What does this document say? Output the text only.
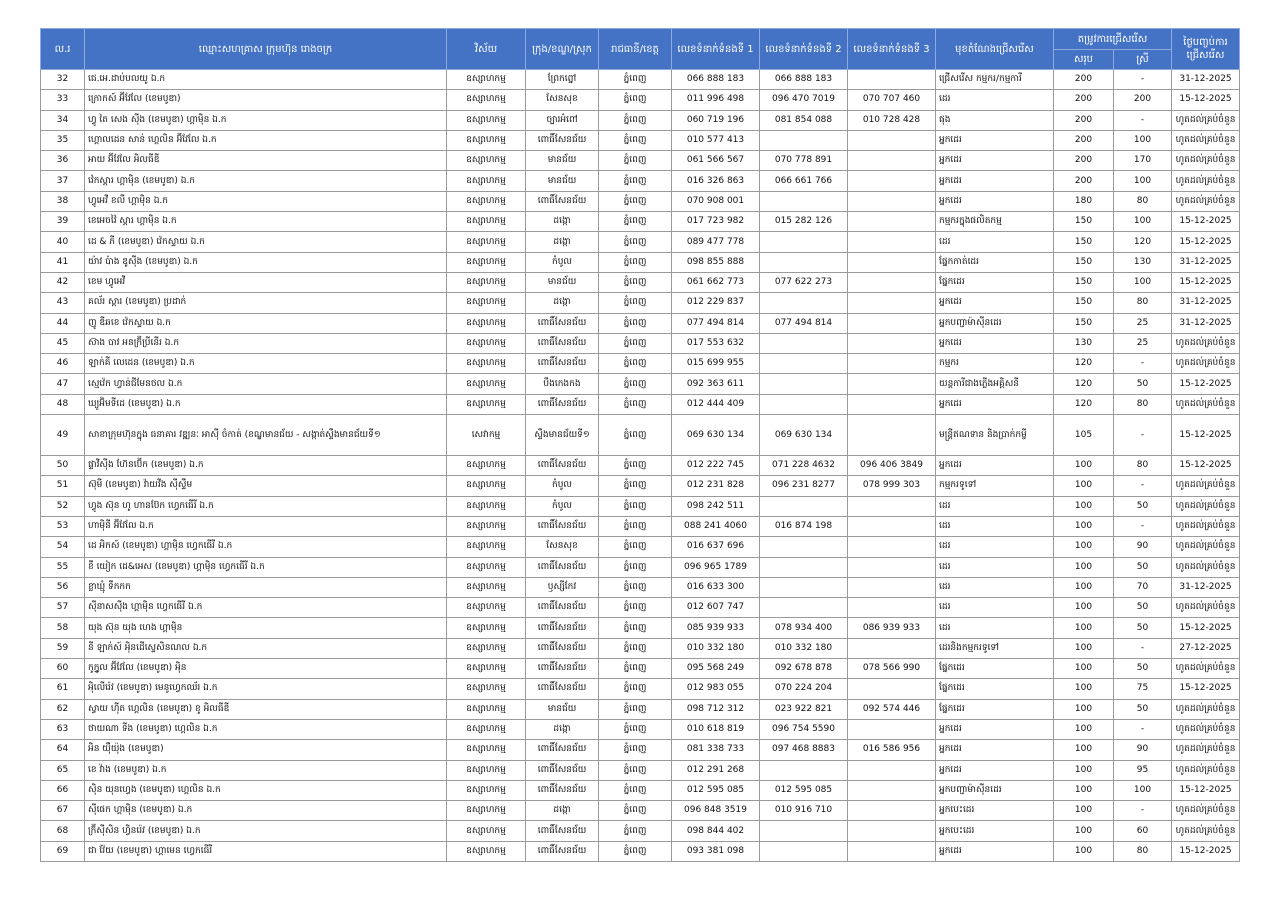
ល.រ	ឈ្មោះសហគ្រាស ក្រុមហ៊ុន រោងចក្រ	វិស័យ	ក្រុង/ខណ្ឌ/ស្រុក	រាជធានី/ខេត្ត	លេខទំនាក់ទំនងទី 1	លេខទំនាក់ទំនងទី 2	លេខទំនាក់ទំនងទី 3	មុខតំណែងជ្រើសរើស	តម្រូវការជ្រើសរើស		ថ្ងៃបញ្ចប់ការជ្រើសរើស
									សរុប	ស្រី	
32	ជេ.អេ.ដាប់បលយូ ឯ.ក	ឧស្សាហកម្ម	ព្រែកព្នៅ	ភ្នំពេញ	066 888 183	066 888 183		ជ្រើសរើស កម្មករ/កម្មការី	200	-	31-12-2025
33	ក្រោកស៍ អ៊ីវែលែ (ខេមបូឌា)	ឧស្សាហកម្ម	សែនសុខ	ភ្នំពេញ	011 996 498	096 470 7019	070 707 460	ដេរ	200	200	15-12-2025
34	ហ្វូ តៃ សេង ស៊ីង (ខេមបូឌា) ហ្គាម៉ិន ឯ.ក	ឧស្សាហកម្ម	ច្បារអំពៅ	ភ្នំពេញ	060 719 196	081 854 088	010 728 428	ផុង	200	-	ហូតដល់គ្រប់ចំនួន
35	ហ្គោលដេន សាន់ ហ្គេលិន អ៊ីវែលែ ឯ.ក	ឧស្សាហកម្ម	ពោធិ៍សែនជ័យ	ភ្នំពេញ	010 577 413			អ្នកដេរ	200	100	ហូតដល់គ្រប់ចំនួន
36	អាយ អ៊ីវែលែ អិលធីឌី	ឧស្សាហកម្ម	មានជ័យ	ភ្នំពេញ	061 566 567	070 778 891		អ្នកដេរ	200	170	ហូតដល់គ្រប់ចំនួន
37	វ៉េកស្តារ ហ្គាម៉ិន (ខេមបូឌា) ឯ.ក	ឧស្សាហកម្ម	មានជ័យ	ភ្នំពេញ	016 326 863	066 661 766		អ្នកដេរ	200	100	ហូតដល់គ្រប់ចំនួន
38	ហ្វូអេវី ខលី ហ្គាម៉ិន ឯ.ក	ឧស្សាហកម្ម	ពោធិ៍សែនជ័យ	ភ្នំពេញ	070 908 001			អ្នកដេរ	180	80	ហូតដល់គ្រប់ចំនួន
39	ខេអេចវ៉ៃ ស្តារ ហ្គាម៉ិន ឯ.ក	ឧស្សាហកម្ម	ដង្កោ	ភ្នំពេញ	017 723 982	015 282 126		កម្មករក្នុងផលិតកម្ម	150	100	15-12-2025
40	ដេ & ភី (ខេមបូឌា) វ៉េកស្ទាយ ឯ.ក	ឧស្សាហកម្ម	ដង្កោ	ភ្នំពេញ	089 477 778			ដេរ	150	120	15-12-2025
41	យ៉ាវ ប៉ាង ឌូស៊ីង (ខេមបូឌា) ឯ.ក	ឧស្សាហកម្ម	កំបូល	ភ្នំពេញ	098 855 888			ផ្នែកកាត់ដេរ	150	130	31-12-2025
42	ខេម ហ្វូអេវី	ឧស្សាហកម្ម	មានជ័យ	ភ្នំពេញ	061 662 773	077 622 273		ផ្នែកដេរ	150	100	15-12-2025
43	គល័រ ស្តារ (ខេមបូឌា) ប្រដាក់	ឧស្សាហកម្ម	ដង្កោ	ភ្នំពេញ	012 229 837			អ្នកដេរ	150	80	31-12-2025
44	ញូ ឌីឆខេ វ៉េកស្ទាយ ឯ.ក	ឧស្សាហកម្ម	ពោធិ៍សែនជ័យ	ភ្នំពេញ	077 494 814	077 494 814		អ្នកបញ្ជាម៉ាស៊ីនដេរ	150	25	31-12-2025
45	ស៊ាង បាវ អនក្រ៊ីប្រីនើរ ឯ.ក	ឧស្សាហកម្ម	ពោធិ៍សែនជ័យ	ភ្នំពេញ	017 553 632			អ្នកដេរ	130	25	ហូតដល់គ្រប់ចំនួន
46	ឡាក់គី លេដេន (ខេមបូឌា) ឯ.ក	ឧស្សាហកម្ម	ពោធិ៍សែនជ័យ	ភ្នំពេញ	015 699 955			កម្មករ	120	-	ហូតដល់គ្រប់ចំនួន
47	ស្មេវ៉េក ហ្វាន់ជីមែនថល ឯ.ក	ឧស្សាហកម្ម	បឹងកេងកង	ភ្នំពេញ	092 363 611			យន្តការីជាងភ្លើងអគ្គិសនី	120	50	15-12-2025
48	ឃ្យូអ៊ិមទីដេ (ខេមបូឌា) ឯ.ក	ឧស្សាហកម្ម	ពោធិ៍សែនជ័យ	ភ្នំពេញ	012 444 409			អ្នកដេរ	120	80	ហូតដល់គ្រប់ចំនួន
49	សាខាក្រុមហ៊ុនក្នុង ធនាគារ វឌ្ឍនៈ អាស៊ី ចំកាត់ (ខណ្ឌមានជ័យ - សង្កាត់ស្ទឹងមានជ័យទី១	សេវាកម្ម	ស្ទឹងមានជ័យទី១	ភ្នំពេញ	069 630 134	069 630 134		មន្ត្រីឥណទាន និងប្រាក់កម្ចី	105	-	15-12-2025
50	ផ្ទាវីស៊ីង ហ៊ែនប៊ើក (ខេមបូឌា) ឯ.ក	ឧស្សាហកម្ម	ពោធិ៍សែនជ័យ	ភ្នំពេញ	012 222 745	071 228 4632	096 406 3849	អ្នកដេរ	100	80	15-12-2025
51	ស៊ុមី (ខេមបូឌា) វ៉ាយវីង ស៊ីស្ទឹម	ឧស្សាហកម្ម	កំបូល	ភ្នំពេញ	012 231 828	096 231 8277	078 999 303	កម្មករទូទៅ	100	-	ហូតដល់គ្រប់ចំនួន
52	ហ្វូង ស៊ុន ហូ ហានប៊ែក ហ្វេកធើរី ឯ.ក	ឧស្សាហកម្ម	កំបូល	ភ្នំពេញ	098 242 511			ដេរ	100	50	ហូតដល់គ្រប់ចំនួន
53	ហាមុិនី អ៊ីវែលែ ឯ.ក	ឧស្សាហកម្ម	ពោធិ៍សែនជ័យ	ភ្នំពេញ	088 241 4060	016 874 198		ដេរ	100	-	ហូតដល់គ្រប់ចំនួន
54	ដេ អិកស៍ (ខេមបូឌា) ហ្គាម៉ិន ហ្វេកធើរី ឯ.ក	ឧស្សាហកម្ម	សែនសុខ	ភ្នំពេញ	016 637 696			ដេរ	100	90	ហូតដល់គ្រប់ចំនួន
55	ខឺ យៀក ដេ&អេស (ខេមបូឌា) ហ្គាម៉ិន ហ្វេកធើរី ឯ.ក	ឧស្សាហកម្ម	ពោធិ៍សែនជ័យ	ភ្នំពេញ	096 965 1789			ដេរ	100	50	ហូតដល់គ្រប់ចំនួន
56	ខ្លាឃ្មុំ ទឹកកក	ឧស្សាហកម្ម	ឫស្សីកែវ	ភ្នំពេញ	016 633 300			ដេរ	100	70	31-12-2025
57	ស៊ីនាសស៊ីង ហ្គាម៉ិន ហ្វេកធើរី ឯ.ក	ឧស្សាហកម្ម	ពោធិ៍សែនជ័យ	ភ្នំពេញ	012 607 747			ដេរ	100	50	ហូតដល់គ្រប់ចំនួន
58	យុង ស៊ុន យុង ហេង ហ្គាម៉ិន	ឧស្សាហកម្ម	ពោធិ៍សែនជ័យ	ភ្នំពេញ	085 939 933	078 934 400	086 939 933	ដេរ	100	50	15-12-2025
59	នី ឡាក់ស៍ អុិនដើស្ទេសិនណល ឯ.ក	ឧស្សាហកម្ម	ពោធិ៍សែនជ័យ	ភ្នំពេញ	010 332 180	010 332 180		ដេរនិងកម្មករទូទៅ	100	-	27-12-2025
60	កូកូ្វល អ៊ីវែលែ (ខេមបូឌា) អុិន	ឧស្សាហកម្ម	ពោធិ៍សែនជ័យ	ភ្នំពេញ	095 568 249	092 678 878	078 566 990	ផ្នែកដេរ	100	50	ហូតដល់គ្រប់ចំនួន
61	អុិលើរ៉េវ (ខេមបូឌា) មេនូហ្វេកឈ័រ ឯ.ក	ឧស្សាហកម្ម	ពោធិ៍សែនជ័យ	ភ្នំពេញ	012 983 055	070 224 204		ផ្នែកដេរ	100	75	15-12-2025
62	ស្វាយ ហ៊ីត ហ្គេលិន (ខេមបូឌា) ខូ អិលធីឌី	ឧស្សាហកម្ម	មានជ័យ	ភ្នំពេញ	098 712 312	023 922 821	092 574 446	ផ្នែកដេរ	100	50	ហូតដល់គ្រប់ចំនួន
63	ថាយណា ទីង (ខេមបូឌា) ហ្គេលិន ឯ.ក	ឧស្សាហកម្ម	ដង្កោ	ភ្នំពេញ	010 618 819	096 754 5590		អ្នកដេរ	100	-	ហូតដល់គ្រប់ចំនួន
64	អិន យ៉ឺយ៉ុង (ខេមបូឌា)	ឧស្សាហកម្ម	ពោធិ៍សែនជ័យ	ភ្នំពេញ	081 338 733	097 468 8883	016 586 956	អ្នកដេរ	100	90	ហូតដល់គ្រប់ចំនួន
65	ខេ វ៉ាង (ខេមបូឌា) ឯ.ក	ឧស្សាហកម្ម	ពោធិ៍សែនជ័យ	ភ្នំពេញ	012 291 268			អ្នកដេរ	100	95	ហូតដល់គ្រប់ចំនួន
66	ស៊ិន យុនហ្វេង (ខេមបូឌា) ហ្គេលិន ឯ.ក	ឧស្សាហកម្ម	ពោធិ៍សែនជ័យ	ភ្នំពេញ	012 595 085	012 595 085		អ្នកបញ្ជាម៉ាស៊ីនដេរ	100	100	15-12-2025
67	ស៊ីផេក ហ្គាម៉ិន (ខេមបូឌា) ឯ.ក	ឧស្សាហកម្ម	ដង្កោ	ភ្នំពេញ	096 848 3519	010 916 710		អ្នកបេះដេរ	100	-	ហូតដល់គ្រប់ចំនួន
68	ក្រ៊ីស៊ីសិន ហ្វិនរ៉េវ (ខេមបូឌា) ឯ.ក	ឧស្សាហកម្ម	ពោធិ៍សែនជ័យ	ភ្នំពេញ	098 844 402			អ្នកបេះដេរ	100	60	ហូតដល់គ្រប់ចំនួន
69	ជា វ៉ែយ (ខេមបូឌា) ហ្គាមេន ហ្វេកធើរី	ឧស្សាហកម្ម	ពោធិ៍សែនជ័យ	ភ្នំពេញ	093 381 098			អ្នកដេរ	100	80	15-12-2025
